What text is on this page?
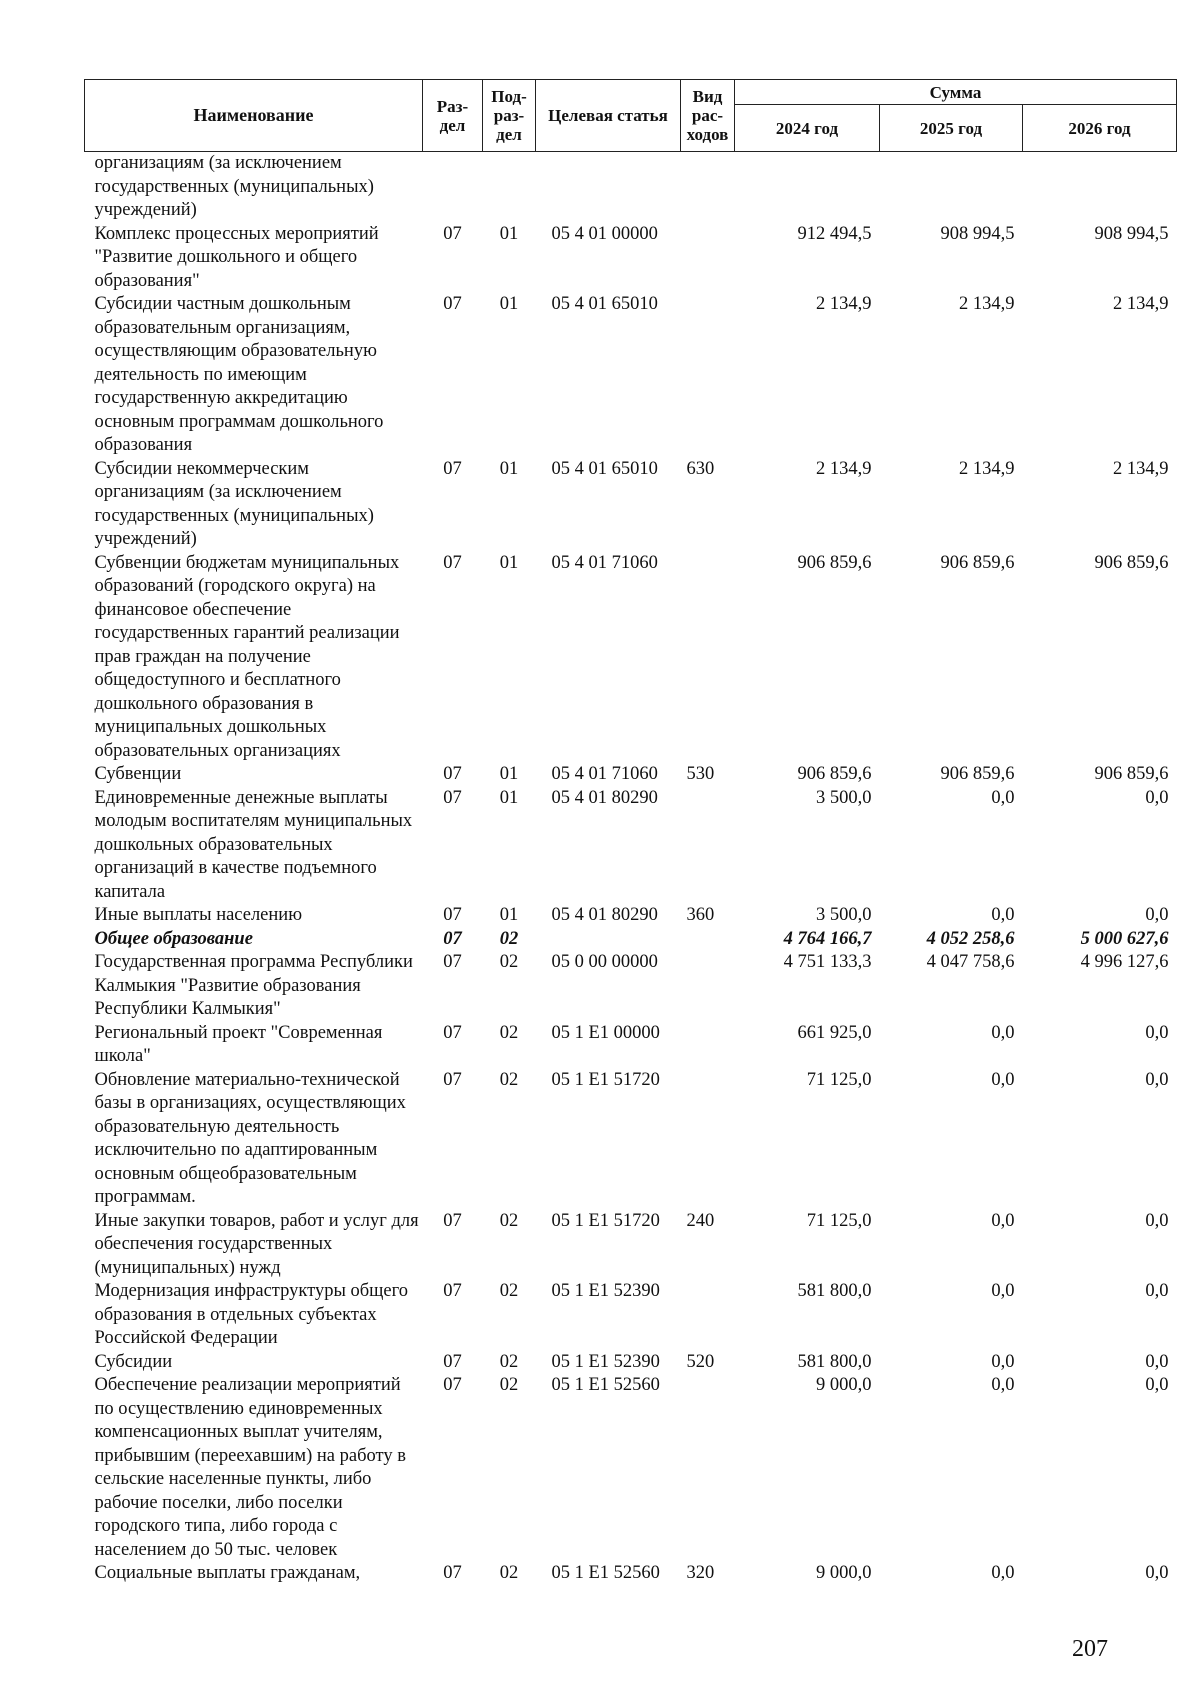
Наименование	Раз- дел	Под- раз- дел	Целевая статья	Вид рас- ходов	Сумма		
					2024 год	2025 год	2026 год
организациям (за исключением государственных (муниципальных) учреждений)							
Комплекс процессных мероприятий "Развитие дошкольного и общего образования"	07	01	05 4 01 00000		912 494,5	908 994,5	908 994,5
Субсидии частным дошкольным образовательным организациям, осуществляющим образовательную деятельность по имеющим государственную аккредитацию основным программам дошкольного образования	07	01	05 4 01 65010		2 134,9	2 134,9	2 134,9
Субсидии некоммерческим организациям (за исключением государственных (муниципальных) учреждений)	07	01	05 4 01 65010	630	2 134,9	2 134,9	2 134,9
Субвенции бюджетам муниципальных образований (городского округа) на финансовое обеспечение государственных гарантий реализации прав граждан на получение общедоступного и бесплатного дошкольного образования в муниципальных дошкольных образовательных организациях	07	01	05 4 01 71060		906 859,6	906 859,6	906 859,6
Субвенции	07	01	05 4 01 71060	530	906 859,6	906 859,6	906 859,6
Единовременные денежные выплаты молодым воспитателям муниципальных дошкольных образовательных организаций в качестве подъемного капитала	07	01	05 4 01 80290		3 500,0	0,0	0,0
Иные выплаты населению	07	01	05 4 01 80290	360	3 500,0	0,0	0,0
Общее образование	07	02			4 764 166,7	4 052 258,6	5 000 627,6
Государственная программа Республики Калмыкия "Развитие образования Республики Калмыкия"	07	02	05 0 00 00000		4 751 133,3	4 047 758,6	4 996 127,6
Региональный проект "Современная школа"	07	02	05 1 E1 00000		661 925,0	0,0	0,0
Обновление материально-технической базы в организациях, осуществляющих образовательную деятельность исключительно по адаптированным основным общеобразовательным программам.	07	02	05 1 E1 51720		71 125,0	0,0	0,0
Иные закупки товаров, работ и услуг для обеспечения государственных (муниципальных) нужд	07	02	05 1 E1 51720	240	71 125,0	0,0	0,0
Модернизация инфраструктуры общего образования в отдельных субъектах Российской Федерации	07	02	05 1 E1 52390		581 800,0	0,0	0,0
Субсидии	07	02	05 1 E1 52390	520	581 800,0	0,0	0,0
Обеспечение реализации мероприятий по осуществлению единовременных компенсационных выплат учителям, прибывшим (переехавшим) на работу в сельские населенные пункты, либо рабочие поселки, либо поселки городского типа, либо города с населением до 50 тыс. человек	07	02	05 1 E1 52560		9 000,0	0,0	0,0
Социальные выплаты гражданам,	07	02	05 1 E1 52560	320	9 000,0	0,0	0,0
207
